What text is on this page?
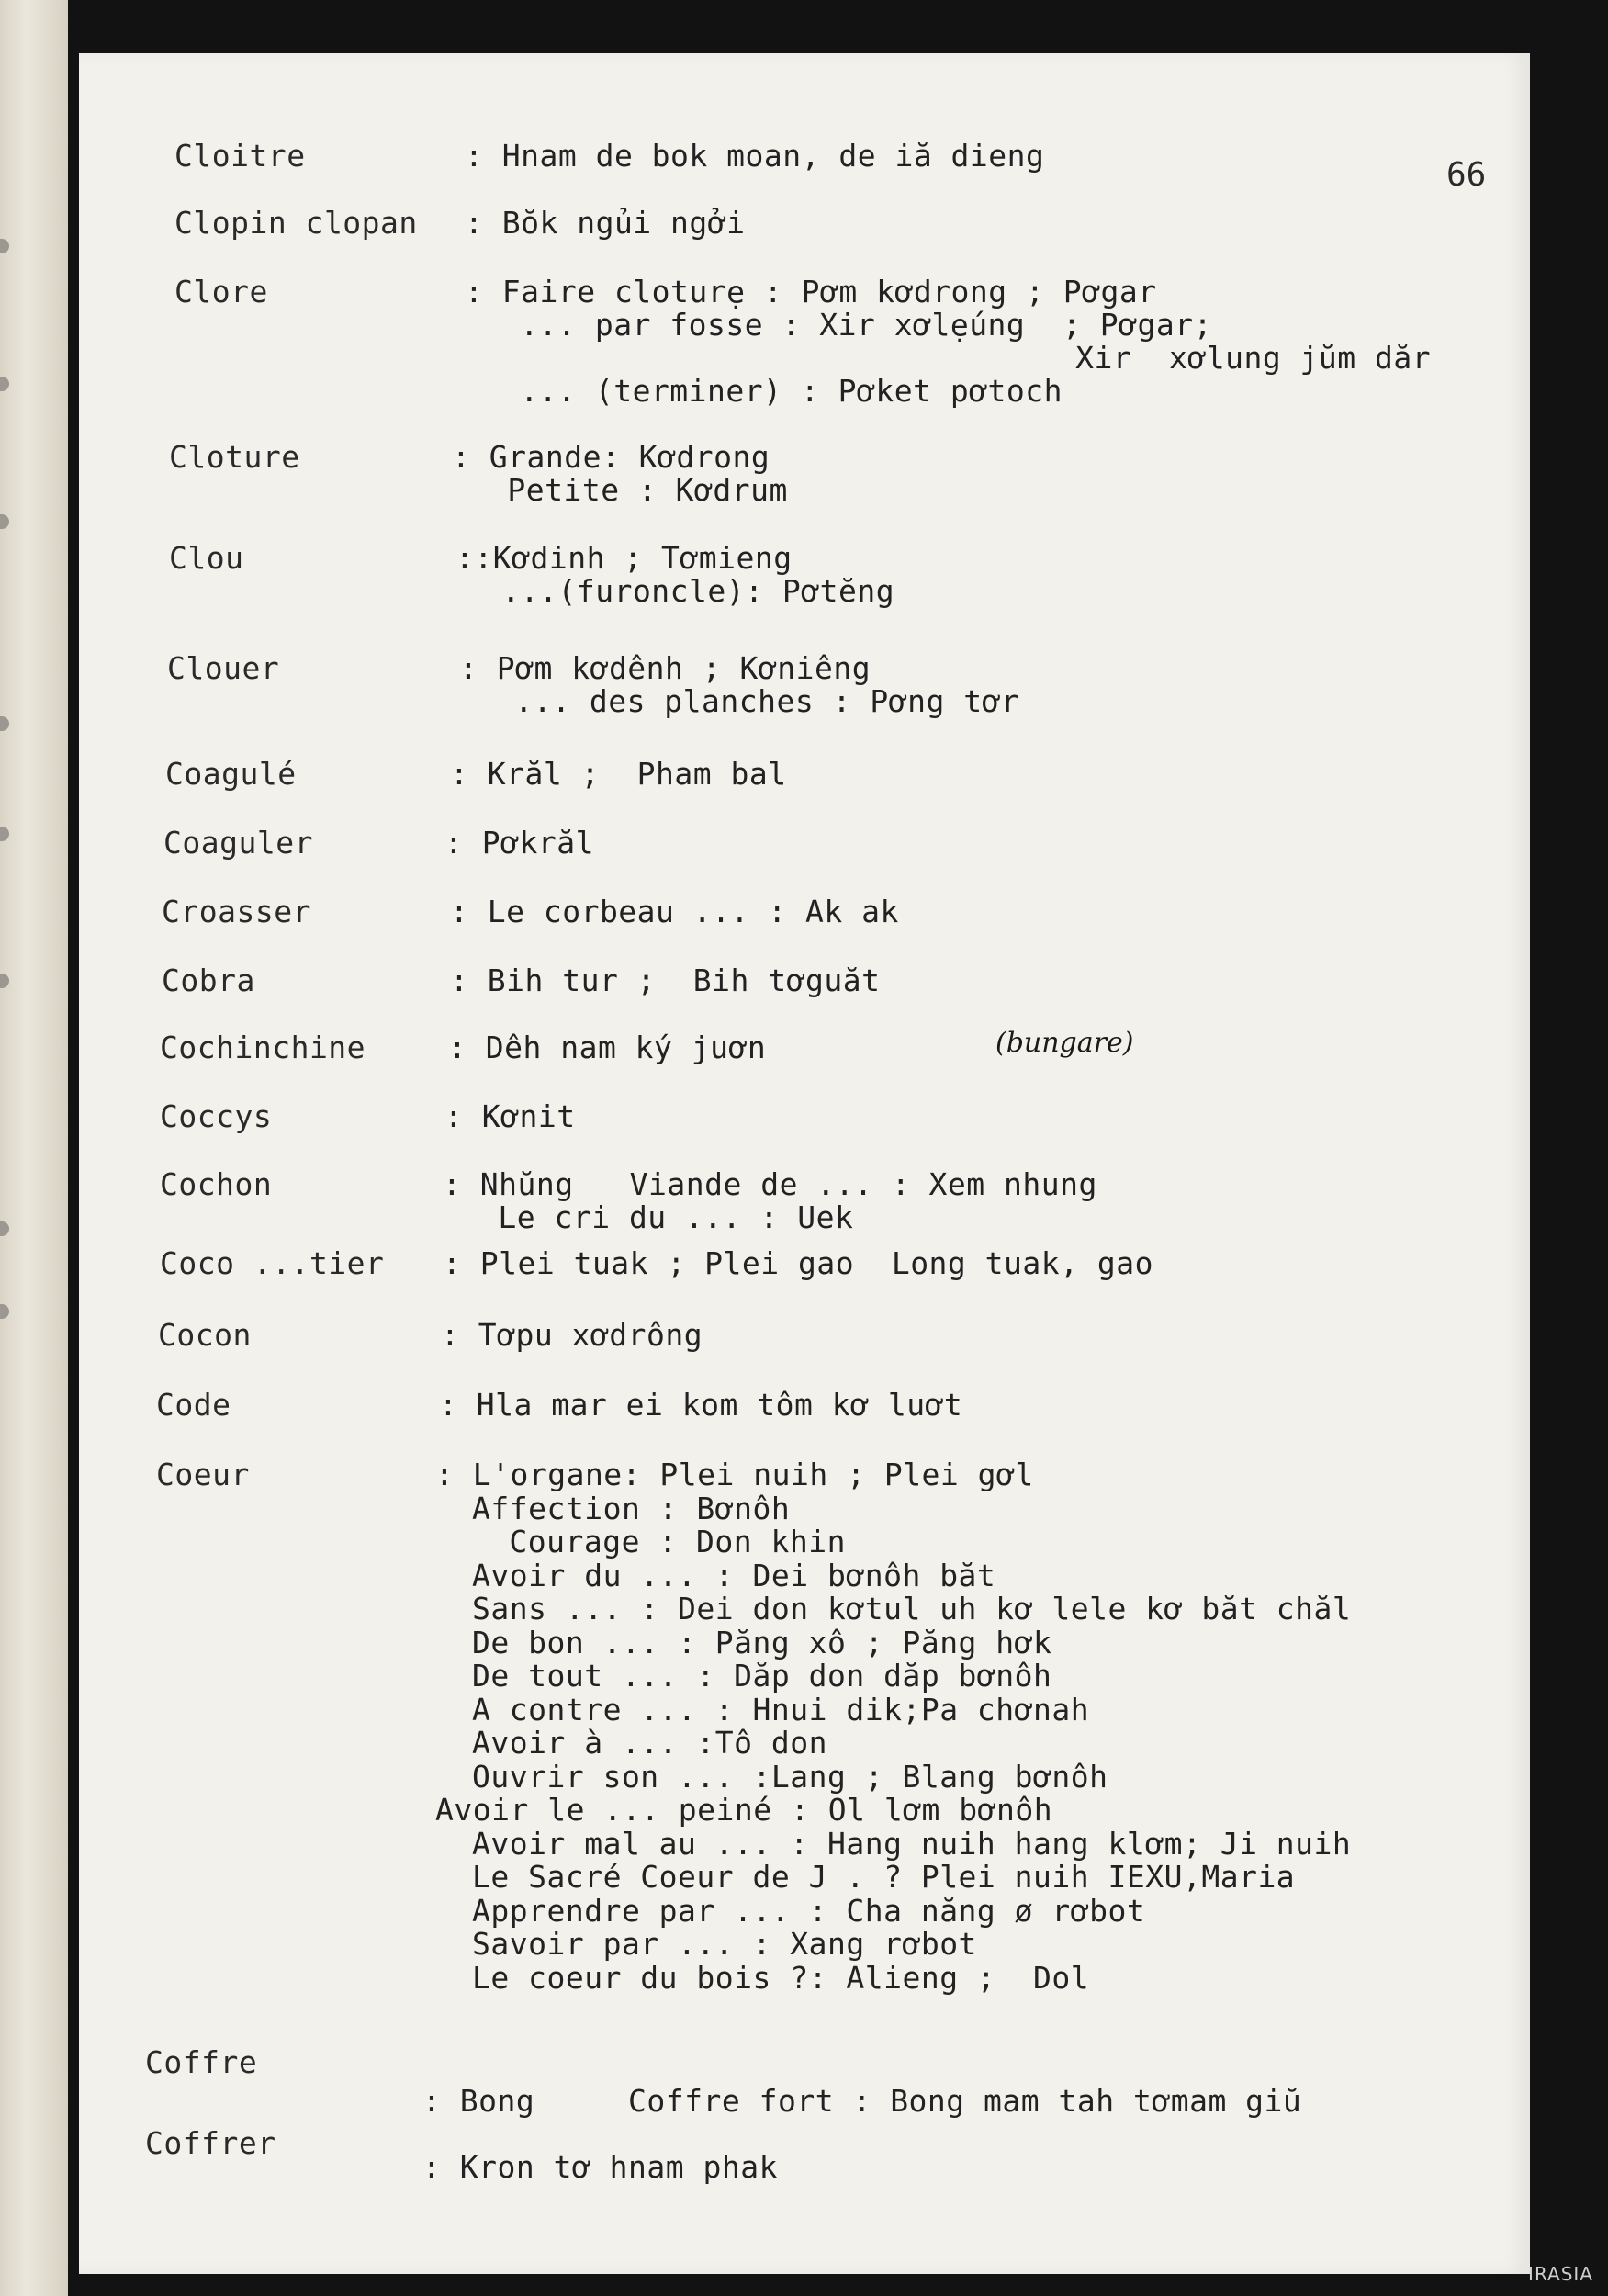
66
Cloitre	: Hnam de bok moan, de iă dieng
Clopin clopan : Bŏk ngủi ngởi
Clore	: Faire cloturẹ : Pơm kơdrong ; Pơgar
... par fosse : Xir xơlẹúng  ; Pơgar;
Xir  xơlung jŭm dăr
... (terminer) : Pơket pơtoch
Cloture	: Grande: Kơdrong
Petite : Kơdrum
Clou	::Kơdinh ; Tơmieng
...(furoncle): Pơtĕng
Clouer	: Pơm kơdênh ; Kơniêng
... des planches : Pơng tơr
Coagulé	: Krăl ;  Pham bal
Coaguler	: Pơkrăl
Croasser	: Le corbeau ... : Ak ak
Cobra	: Bih tur ;  Bih tơguăt
Cochinchine	: Dêh nam ký juơn
Coccys	: Kơnit
Cochon	: Nhŭng   Viande de ... : Xem nhung
Le cri du ... : Uek
Coco ...tier : Plei tuak ; Plei gao  Long tuak, gao
Cocon	: Tơpu xơdrông
Code	: Hla mar ei kom tôm kơ luơt
Coeur	: L'organe: Plei nuih ; Plei gơl
Affection : Bơnôh
Courage : Don khin
Avoir du ... : Dei bơnôh băt
Sans ... : Dei don kơtul uh kơ lele kơ băt chăl
De bon ... : Păng xô ; Păng hơk
De tout ... : Dăp don dăp bơnôh
A contre ... : Hnui dik;Pa chơnah
Avoir à ... :Tô don
Ouvrir son ... :Lang ; Blang bơnôh
Avoir le ... peiné : Ol lơm bơnôh
Avoir mal au ... : Hang nuih hang klơm; Ji nuih
Le Sacré Coeur de J . ? Plei nuih IEXU,Maria
Apprendre par ... : Cha năng ø rơbot
Savoir par ... : Xang rơbot
Le coeur du bois ?: Alieng ;  Dol
Coffre
: Bong     Coffre fort : Bong mam tah tơmam giŭ
Coffrer
: Kron tơ hnam phak
(bungare)
IRASIA
